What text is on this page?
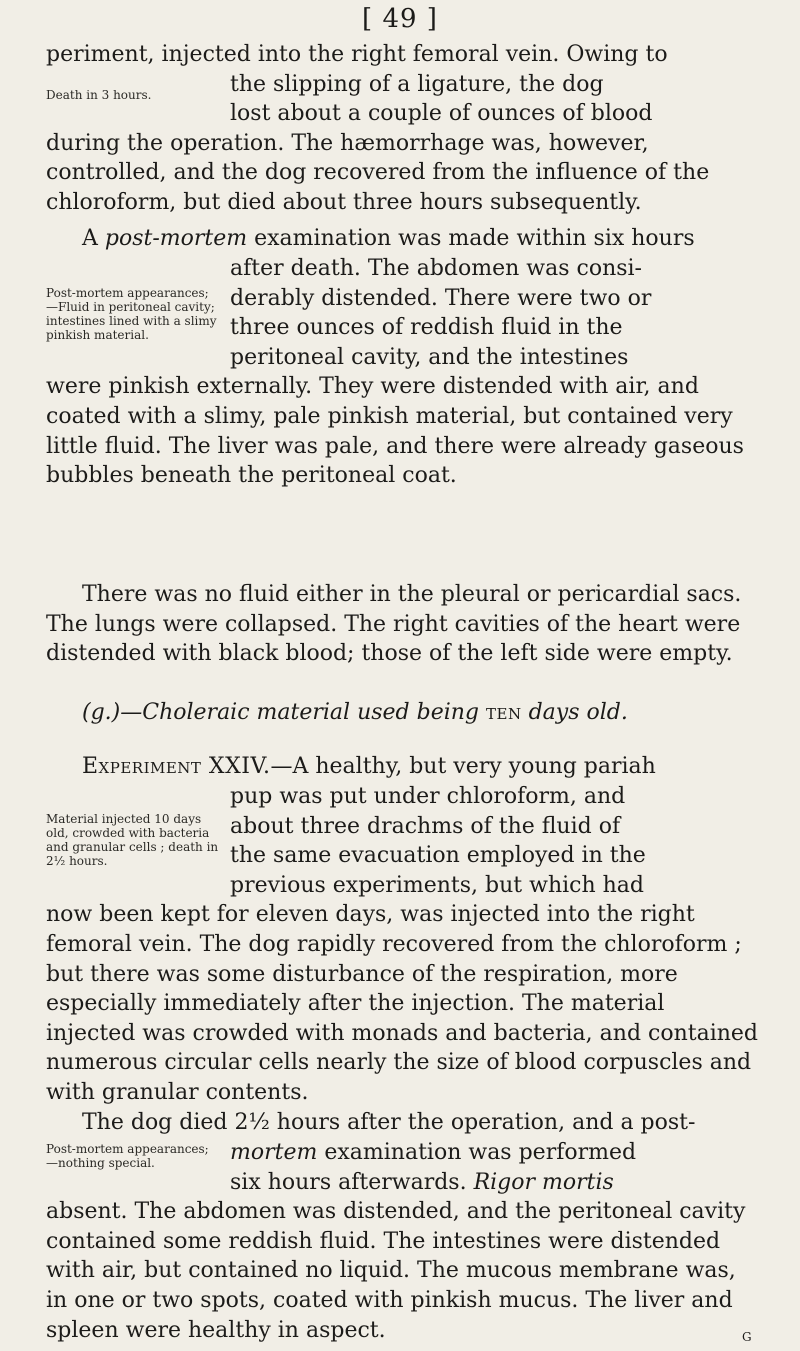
[ 49 ]
periment, injected into the right femoral vein. Owing to
the slipping of a ligature, the dog
lost about a couple of ounces of blood
during the operation. The hæmorrhage was, however, controlled, and the dog recovered from the influence of the chloroform, but died about three hours subsequently.
Death in 3 hours.
A post-mortem examination was made within six hours
after death. The abdomen was consi-
derably distended. There were two or
three ounces of reddish fluid in the
peritoneal cavity, and the intestines
were pinkish externally. They were distended with air, and coated with a slimy, pale pinkish material, but contained very little fluid. The liver was pale, and there were already gaseous bubbles beneath the peritoneal coat.
Post-mortem appearances; —Fluid in peritoneal cavity; intestines lined with a slimy pinkish material.
There was no fluid either in the pleural or pericardial sacs. The lungs were collapsed. The right cavities of the heart were distended with black blood; those of the left side were empty.
(g.)—Choleraic material used being ten days old.
Experiment XXIV.—A healthy, but very young pariah
pup was put under chloroform, and
about three drachms of the fluid of
the same evacuation employed in the
previous experiments, but which had
now been kept for eleven days, was injected into the right femoral vein. The dog rapidly recovered from the chloroform ; but there was some disturbance of the respiration, more especially immediately after the injection. The material injected was crowded with monads and bacteria, and contained numerous circular cells nearly the size of blood corpuscles and with granular contents.
Material injected 10 days old, crowded with bacteria and granular cells ; death in 2½ hours.
The dog died 2½ hours after the operation, and a post-
mortem examination was performed
six hours afterwards. Rigor mortis
absent. The abdomen was distended, and the peritoneal cavity contained some reddish fluid. The intestines were distended with air, but contained no liquid. The mucous membrane was, in one or two spots, coated with pinkish mucus. The liver and spleen were healthy in aspect.
Post-mortem appearances; —nothing special.
G
